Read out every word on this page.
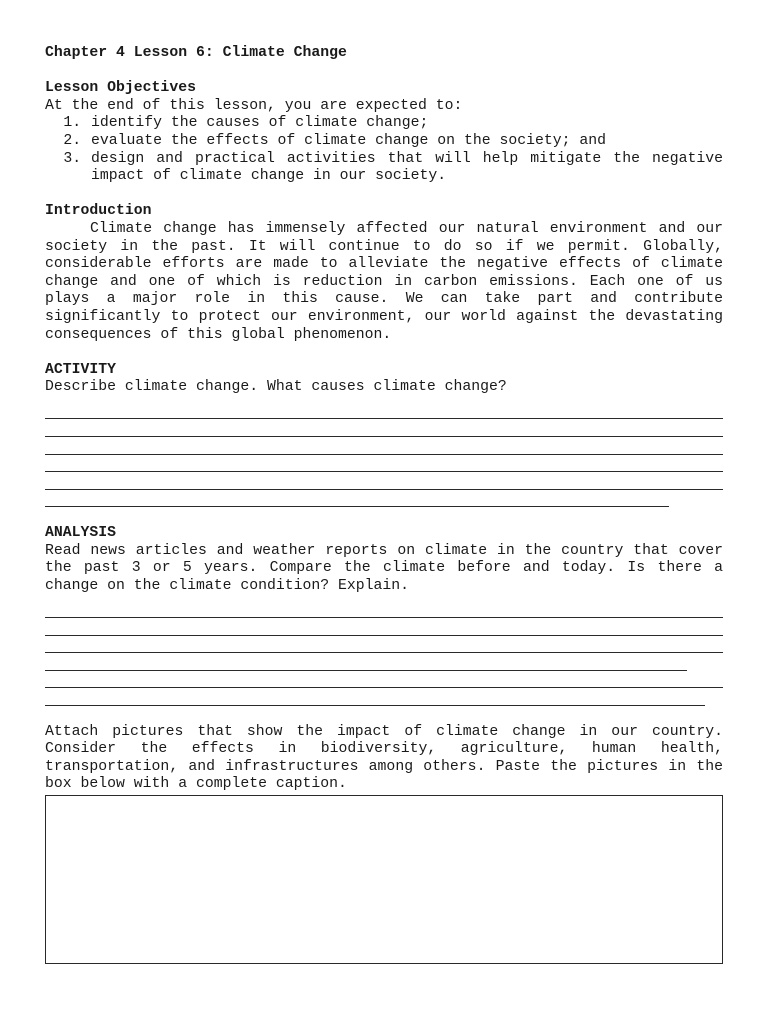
Chapter 4 Lesson 6: Climate Change

Lesson Objectives

At the end of this lesson, you are expected to:

1. identify the causes of climate change;
2. evaluate the effects of climate change on the society; and
3. design and practical activities that will help mitigate the negative impact of climate change in our society.

Introduction

Climate change has immensely affected our natural environment and our society in the past. It will continue to do so if we permit. Globally, considerable efforts are made to alleviate the negative effects of climate change and one of which is reduction in carbon emissions. Each one of us plays a major role in this cause. We can take part and contribute significantly to protect our environment, our world against the devastating consequences of this global phenomenon.

ACTIVITY

Describe climate change. What causes climate change?

ANALYSIS

Read news articles and weather reports on climate in the country that cover the past 3 or 5 years. Compare the climate before and today. Is there a change on the climate condition? Explain.

Attach pictures that show the impact of climate change in our country. Consider the effects in biodiversity, agriculture, human health, transportation, and infrastructures among others. Paste the pictures in the box below with a complete caption.
